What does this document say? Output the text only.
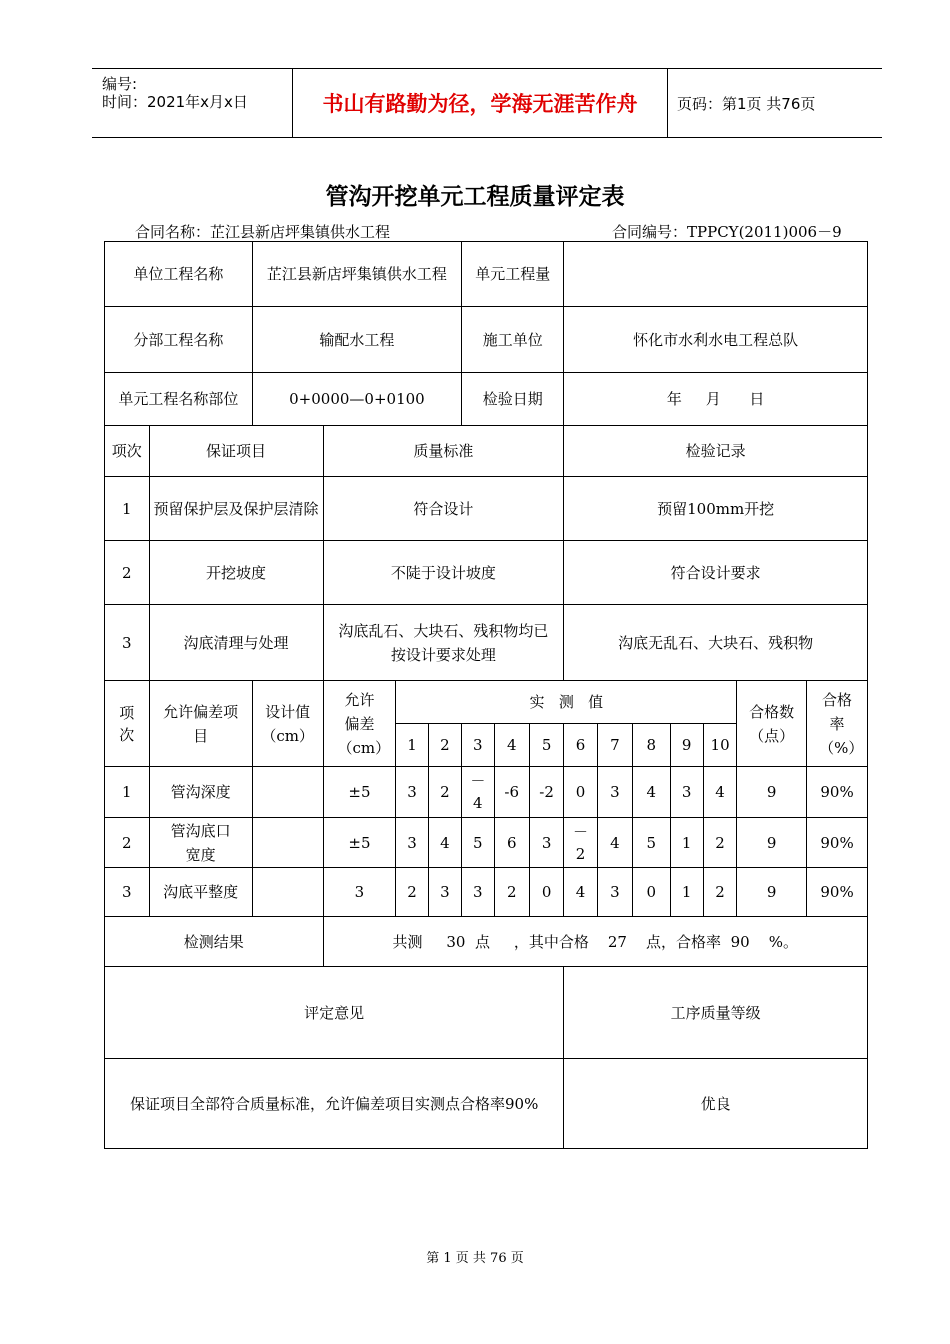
编号:
时间：2021年x月x日	书山有路勤为径，学海无涯苦作舟	页码：第1页 共76页
管沟开挖单元工程质量评定表
合同名称：芷江县新店坪集镇供水工程	合同编号：TPPCY(2011)006－9
单位工程名称		芷江县新店坪集镇供水工程				单元工程量									
分部工程名称		输配水工程				施工单位			怀化市水利水电工程总队						
单元工程名称部位		0+0000—0+0100				检验日期			年     月      日						
项次	保证项目		质量标准						检验记录						
1	预留保护层及保护层清除		符合设计						预留100mm开挖						
2	开挖坡度		不陡于设计坡度						符合设计要求						
3	沟底清理与处理		沟底乱石、大块石、残积物均已按设计要求处理						沟底无乱石、大块石、残积物						
项次	允许偏差项目	设计值（cm）	允许偏差（cm）	实   测   值										合格数（点）	合格率（%）
				1	2	3	4	5	6	7	8	9	10		
1	管沟深度		±5	3	2	－4	-6	-2	0	3	4	3	4	9	90%
2	管沟底口宽度		±5	3	4	5	6	3	－2	4	5	1	2	9	90%
3	沟底平整度		3	2	3	3	2	0	4	3	0	1	2	9	90%
检测结果			共测     30  点     ，其中合格    27    点，合格率  90    %。												
评定意见									工序质量等级						
保证项目全部符合质量标准，允许偏差项目实测点合格率90%									优良						
第 1 页 共 76 页
